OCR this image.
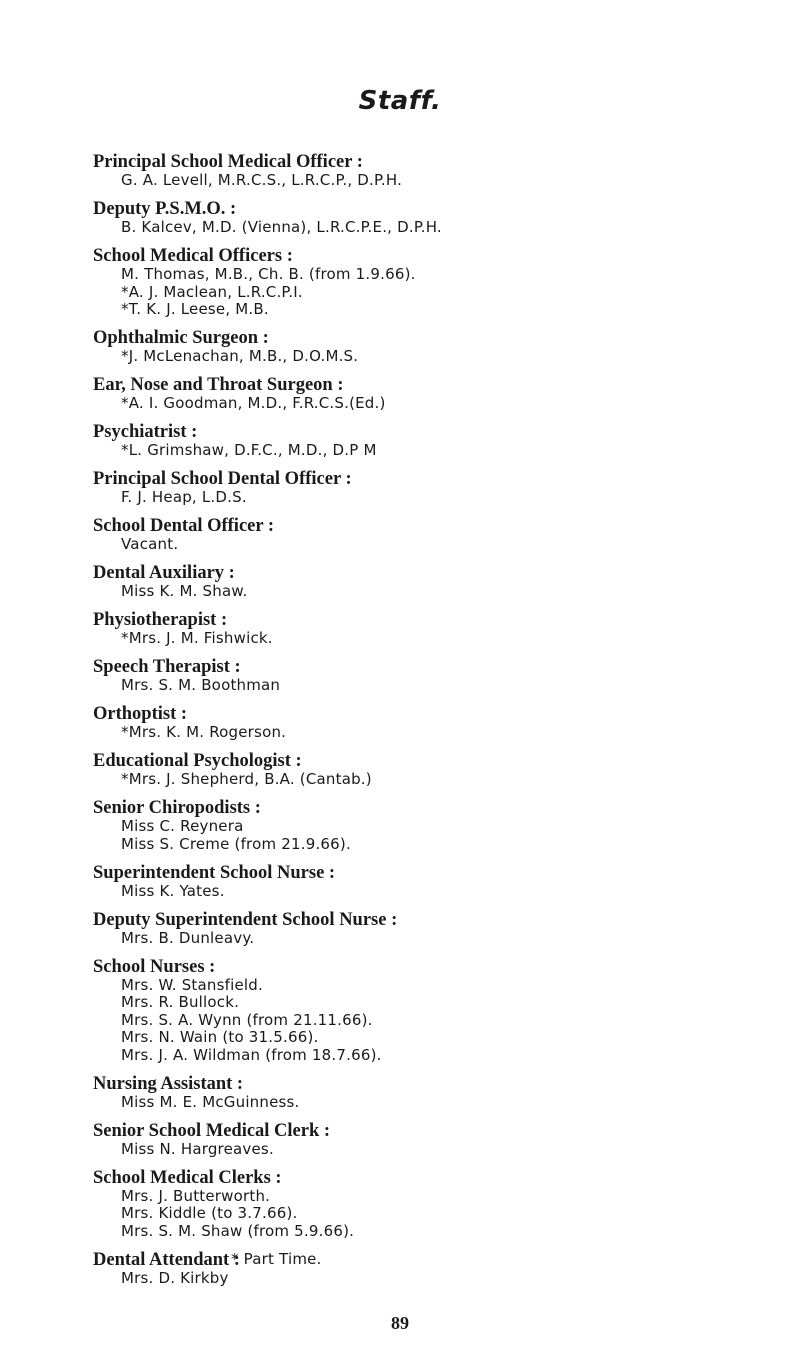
Staff.
Principal School Medical Officer :
G. A. Levell, M.R.C.S., L.R.C.P., D.P.H.
Deputy P.S.M.O. :
B. Kalcev, M.D. (Vienna), L.R.C.P.E., D.P.H.
School Medical Officers :
M. Thomas, M.B., Ch. B. (from 1.9.66).
*A. J. Maclean, L.R.C.P.I.
*T. K. J. Leese, M.B.
Ophthalmic Surgeon :
*J. McLenachan, M.B., D.O.M.S.
Ear, Nose and Throat Surgeon :
*A. I. Goodman, M.D., F.R.C.S.(Ed.)
Psychiatrist :
*L. Grimshaw, D.F.C., M.D., D.P M
Principal School Dental Officer :
F. J. Heap, L.D.S.
School Dental Officer :
Vacant.
Dental Auxiliary :
Miss K. M. Shaw.
Physiotherapist :
*Mrs. J. M. Fishwick.
Speech Therapist :
Mrs. S. M. Boothman
Orthoptist :
*Mrs. K. M. Rogerson.
Educational Psychologist :
*Mrs. J. Shepherd, B.A. (Cantab.)
Senior Chiropodists :
Miss C. Reynera
Miss S. Creme (from 21.9.66).
Superintendent School Nurse :
Miss K. Yates.
Deputy Superintendent School Nurse :
Mrs. B. Dunleavy.
School Nurses :
Mrs. W. Stansfield.
Mrs. R. Bullock.
Mrs. S. A. Wynn (from 21.11.66).
Mrs. N. Wain (to 31.5.66).
Mrs. J. A. Wildman (from 18.7.66).
Nursing Assistant :
Miss M. E. McGuinness.
Senior School Medical Clerk :
Miss N. Hargreaves.
School Medical Clerks :
Mrs. J. Butterworth.
Mrs. Kiddle (to 3.7.66).
Mrs. S. M. Shaw (from 5.9.66).
Dental Attendant :
Mrs. D. Kirkby
* Part Time.
89
